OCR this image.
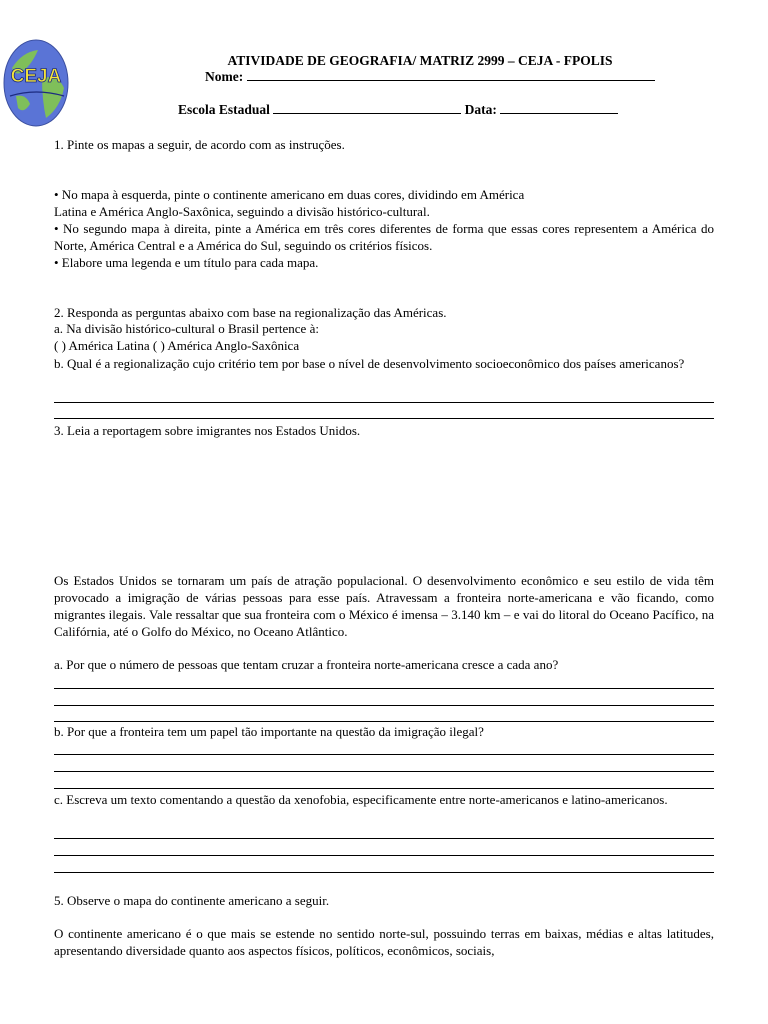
CEJA
ATIVIDADE DE GEOGRAFIA/ MATRIZ 2999 – CEJA - FPOLIS
Nome:
Escola Estadual	Data:
1. Pinte os mapas a seguir, de acordo com as instruções.
• No mapa à esquerda, pinte o continente americano em duas cores, dividindo em América
Latina e América Anglo-Saxônica, seguindo a divisão histórico-cultural.
• No segundo mapa à direita, pinte a América em três cores diferentes de forma que essas cores representem a América do Norte, América Central e a América do Sul, seguindo os critérios físicos.
• Elabore uma legenda e um título para cada mapa.
2. Responda as perguntas abaixo com base na regionalização das Américas.
a. Na divisão histórico-cultural o Brasil pertence à:
( ) América Latina ( ) América Anglo-Saxônica
b. Qual é a regionalização cujo critério tem por base o nível de desenvolvimento socioeconômico dos países americanos?
3. Leia a reportagem sobre imigrantes nos Estados Unidos.
Os Estados Unidos se tornaram um país de atração populacional. O desenvolvimento econômico e seu estilo de vida têm provocado a imigração de várias pessoas para esse país. Atravessam a fronteira norte-americana e vão ficando, como migrantes ilegais. Vale ressaltar que sua fronteira com o México é imensa – 3.140 km – e vai do litoral do Oceano Pacífico, na Califórnia, até o Golfo do México, no Oceano Atlântico.
a. Por que o número de pessoas que tentam cruzar a fronteira norte-americana cresce a cada ano?
b. Por que a fronteira tem um papel tão importante na questão da imigração ilegal?
c. Escreva um texto comentando a questão da xenofobia, especificamente entre norte-americanos e latino-americanos.
5. Observe o mapa do continente americano a seguir.
O continente americano é o que mais se estende no sentido norte-sul, possuindo terras em baixas, médias e altas latitudes, apresentando diversidade quanto aos aspectos físicos, políticos, econômicos, sociais,
